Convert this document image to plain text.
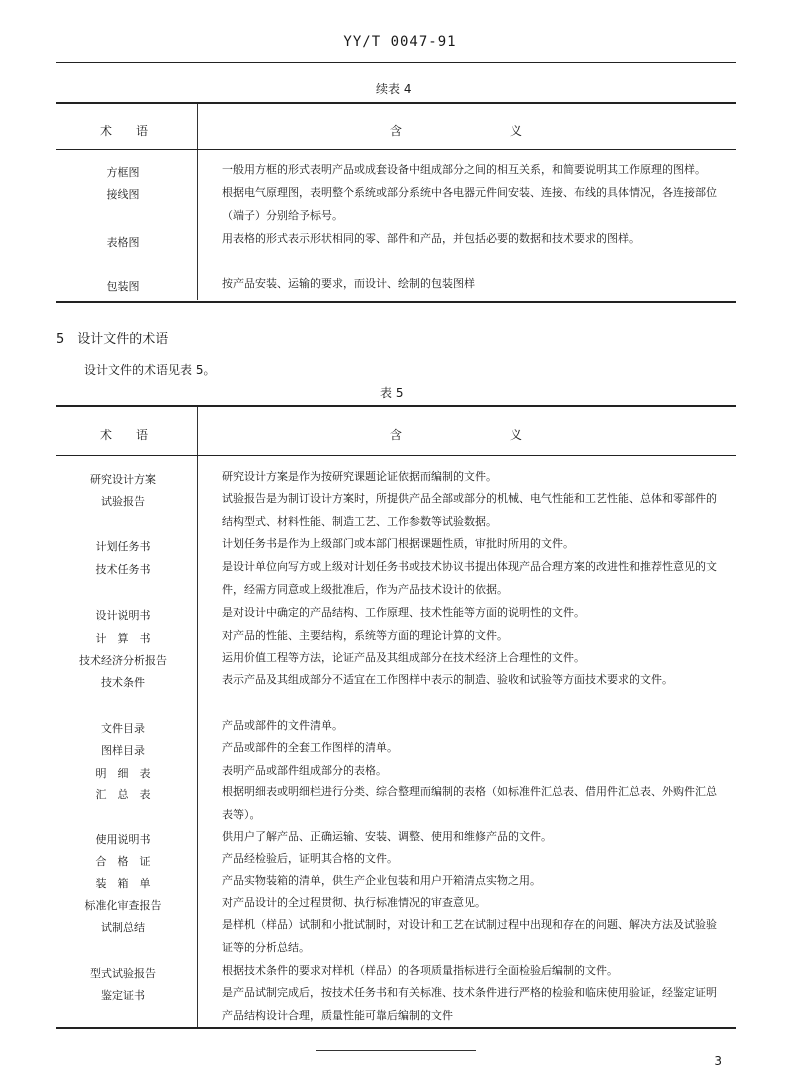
YY/T 0047-91
续表 4
术　　语	含　　　　　　　　　义
方框图	一般用方框的形式表明产品或成套设备中组成部分之间的相互关系，和简要说明其工作原理的图样。
接线图	根据电气原理图，表明整个系统或部分系统中各电器元件间安装、连接、布线的具体情况，各连接部位（端子）分别给予标号。
表格图	用表格的形式表示形状相同的零、部件和产品，并包括必要的数据和技术要求的图样。
包装图	按产品安装、运输的要求，而设计、绘制的包装图样
5　设计文件的术语
设计文件的术语见表 5。
表 5
术　　语	含　　　　　　　　　义
研究设计方案	研究设计方案是作为按研究课题论证依据而编制的文件。
试验报告	试验报告是为制订设计方案时，所提供产品全部或部分的机械、电气性能和工艺性能、总体和零部件的结构型式、材料性能、制造工艺、工作参数等试验数据。
计划任务书	计划任务书是作为上级部门或本部门根据课题性质，审批时所用的文件。
技术任务书	是设计单位向写方或上级对计划任务书或技术协议书提出体现产品合理方案的改进性和推荐性意见的文件，经需方同意或上级批准后，作为产品技术设计的依据。
设计说明书	是对设计中确定的产品结构、工作原理、技术性能等方面的说明性的文件。
计　算　书	对产品的性能、主要结构，系统等方面的理论计算的文件。
技术经济分析报告	运用价值工程等方法，论证产品及其组成部分在技术经济上合理性的文件。
技术条件	表示产品及其组成部分不适宜在工作图样中表示的制造、验收和试验等方面技术要求的文件。
文件目录	产品或部件的文件清单。
图样目录	产品或部件的全套工作图样的清单。
明　细　表	表明产品或部件组成部分的表格。
汇　总　表	根据明细表或明细栏进行分类、综合整理而编制的表格（如标准件汇总表、借用件汇总表、外购件汇总表等）。
使用说明书	供用户了解产品、正确运输、安装、调整、使用和维修产品的文件。
合　格　证	产品经检验后，证明其合格的文件。
装　箱　单	产品实物装箱的清单，供生产企业包装和用户开箱清点实物之用。
标准化审查报告	对产品设计的全过程贯彻、执行标准情况的审查意见。
试制总结	是样机（样品）试制和小批试制时，对设计和工艺在试制过程中出现和存在的问题、解决方法及试验验证等的分析总结。
型式试验报告	根据技术条件的要求对样机（样品）的各项质量指标进行全面检验后编制的文件。
鉴定证书	是产品试制完成后，按技术任务书和有关标准、技术条件进行严格的检验和临床使用验证，经鉴定证明产品结构设计合理，质量性能可靠后编制的文件
3
